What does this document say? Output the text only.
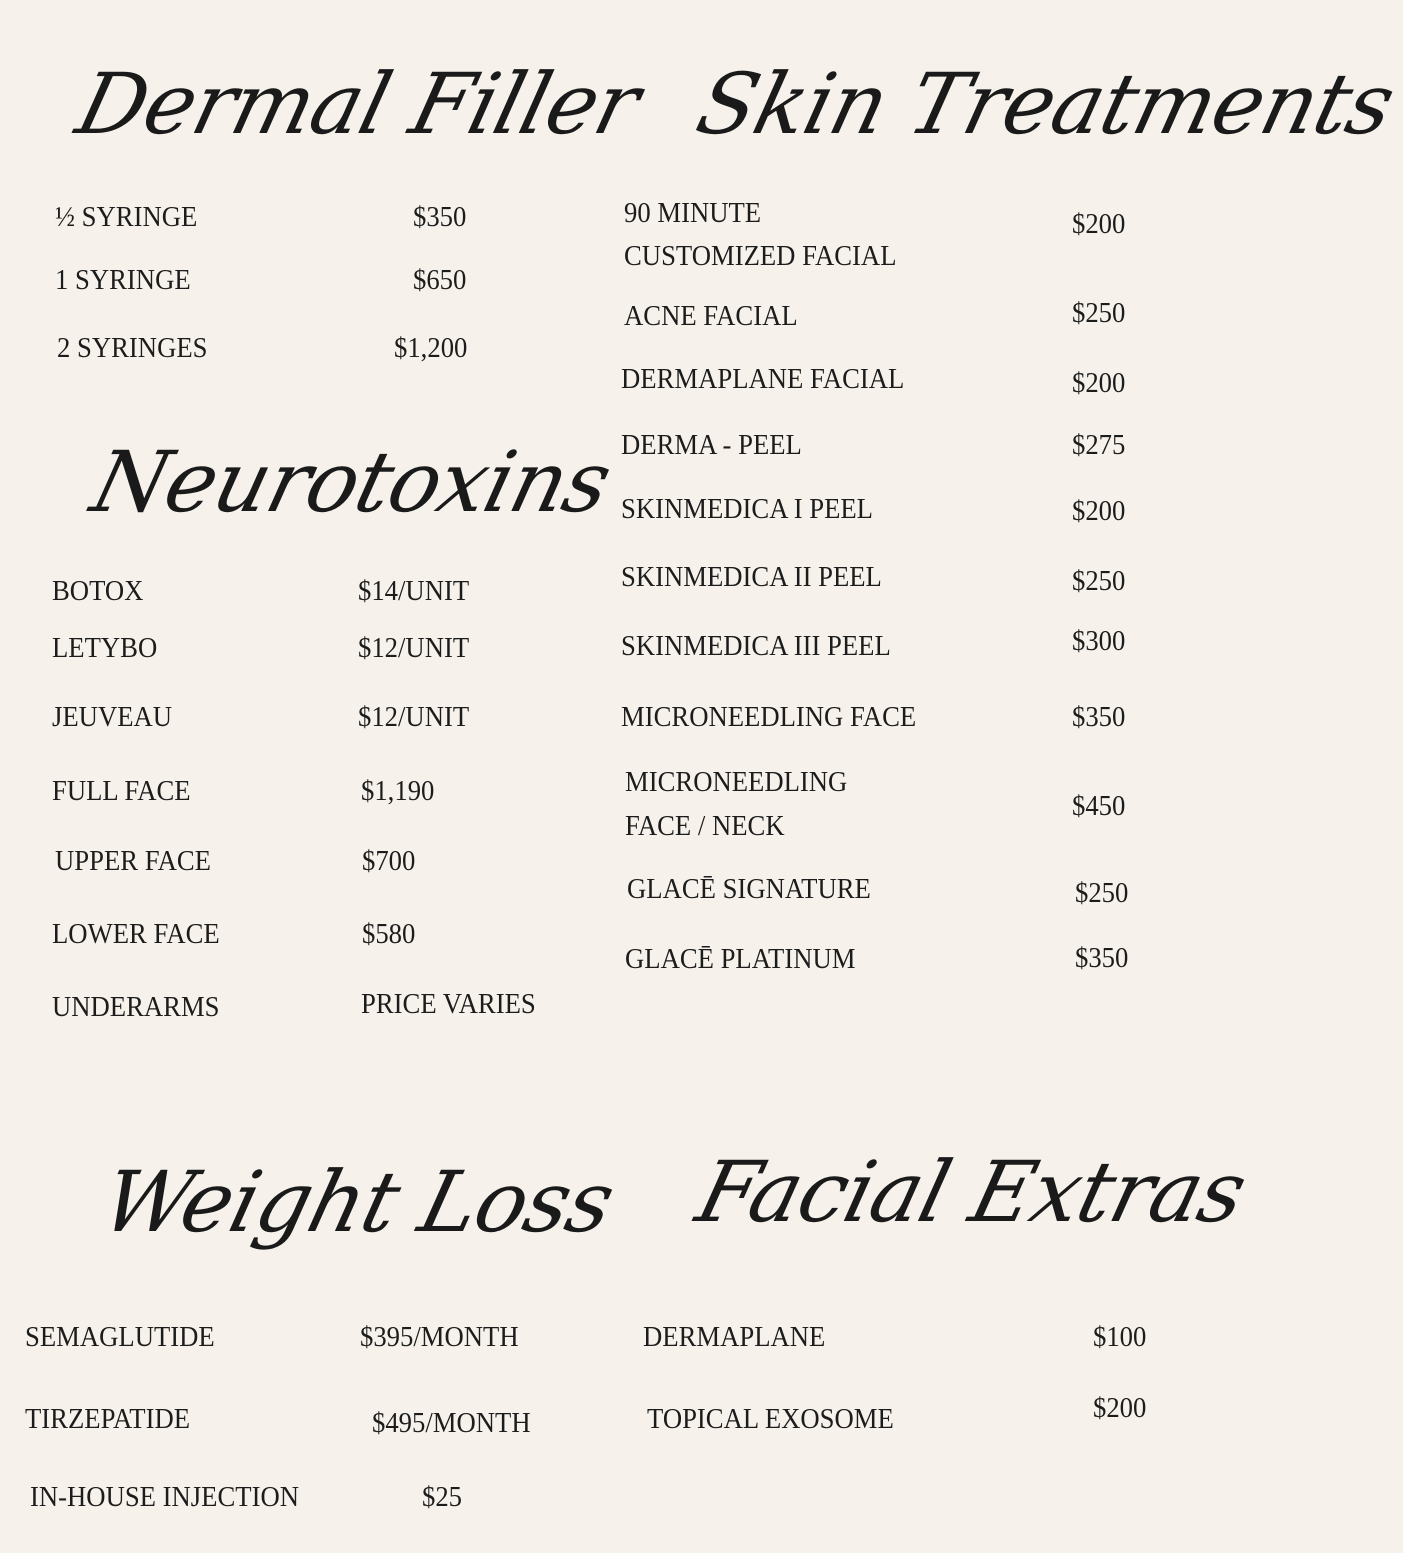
Dermal Filler
½ SYRINGE	$350
1 SYRINGE	$650
2 SYRINGES	$1,200
Neurotoxins
BOTOX	$14/UNIT
LETYBO	$12/UNIT
JEUVEAU	$12/UNIT
FULL FACE	$1,190
UPPER FACE	$700
LOWER FACE	$580
UNDERARMS	PRICE VARIES
Skin Treatments
90 MINUTE
CUSTOMIZED FACIAL
$200
ACNE FACIAL	$250
DERMAPLANE FACIAL	$200
DERMA - PEEL	$275
SKINMEDICA I PEEL	$200
SKINMEDICA II PEEL	$250
SKINMEDICA III PEEL	$300
MICRONEEDLING FACE	$350
MICRONEEDLING
FACE / NECK
$450
GLACĒ SIGNATURE	$250
GLACĒ PLATINUM	$350
Weight Loss
SEMAGLUTIDE	$395/MONTH
TIRZEPATIDE	$495/MONTH
IN-HOUSE INJECTION	$25
Facial Extras
DERMAPLANE	$100
TOPICAL EXOSOME	$200
